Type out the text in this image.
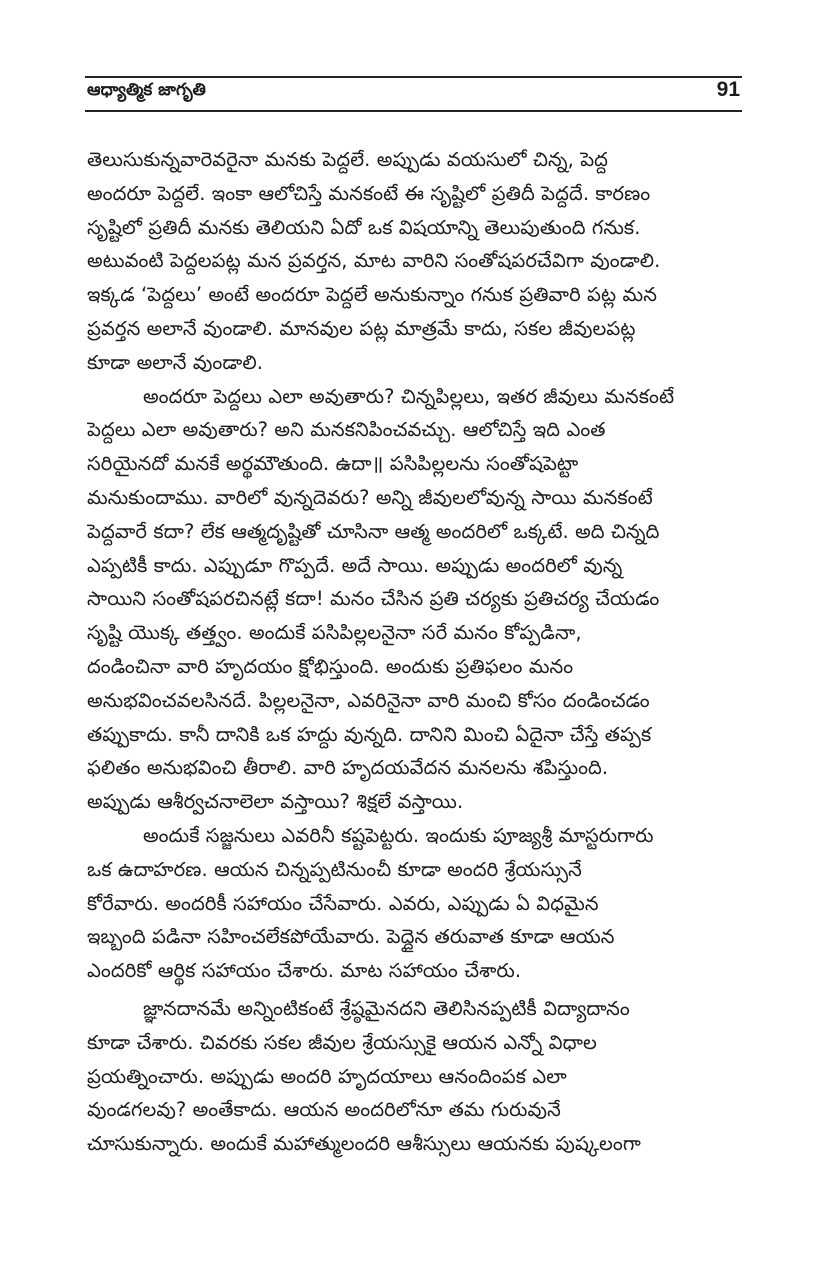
ఆధ్యాత్మిక జాగృతి	91
తెలుసుకున్నవారెవరైనా మనకు పెద్దలే. అప్పుడు వయసులో చిన్న, పెద్ద
అందరూ పెద్దలే. ఇంకా ఆలోచిస్తే మనకంటే ఈ సృష్టిలో ప్రతిదీ పెద్దదే. కారణం
సృష్టిలో ప్రతిదీ మనకు తెలియని ఏదో ఒక విషయాన్ని తెలుపుతుంది గనుక.
అటువంటి పెద్దలపట్ల మన ప్రవర్తన, మాట వారిని సంతోషపరచేవిగా వుండాలి.
ఇక్కడ ‘పెద్దలు’ అంటే అందరూ పెద్దలే అనుకున్నాం గనుక ప్రతివారి పట్ల మన
ప్రవర్తన అలానే వుండాలి. మానవుల పట్ల మాత్రమే కాదు, సకల జీవులపట్ల
కూడా అలానే వుండాలి.
అందరూ పెద్దలు ఎలా అవుతారు? చిన్నపిల్లలు, ఇతర జీవులు మనకంటే
పెద్దలు ఎలా అవుతారు? అని మనకనిపించవచ్చు. ఆలోచిస్తే ఇది ఎంత
సరియైనదో మనకే అర్థమౌతుంది. ఉదా॥ పసిపిల్లలను సంతోషపెట్టా
మనుకుందాము. వారిలో వున్నదెవరు? అన్ని జీవులలోవున్న సాయి మనకంటే
పెద్దవారే కదా? లేక ఆత్మదృష్టితో చూసినా ఆత్మ అందరిలో ఒక్కటే. అది చిన్నది
ఎప్పటికీ కాదు. ఎప్పుడూ గొప్పదే. అదే సాయి. అప్పుడు అందరిలో వున్న
సాయిని సంతోషపరచినట్లే కదా! మనం చేసిన ప్రతి చర్యకు ప్రతిచర్య చేయడం
సృష్టి యొక్క తత్త్వం. అందుకే పసిపిల్లలనైనా సరే మనం కోప్పడినా,
దండించినా వారి హృదయం క్షోభిస్తుంది. అందుకు ప్రతిఫలం మనం
అనుభవించవలసినదే. పిల్లలనైనా, ఎవరినైనా వారి మంచి కోసం దండించడం
తప్పుకాదు. కానీ దానికి ఒక హద్దు వున్నది. దానిని మించి ఏదైనా చేస్తే తప్పక
ఫలితం అనుభవించి తీరాలి. వారి హృదయవేదన మనలను శపిస్తుంది.
అప్పుడు ఆశీర్వచనాలెలా వస్తాయి? శిక్షలే వస్తాయి.
అందుకే సజ్జనులు ఎవరినీ కష్టపెట్టరు. ఇందుకు పూజ్యశ్రీ మాస్టరుగారు
ఒక ఉదాహరణ. ఆయన చిన్నప్పటినుంచీ కూడా అందరి శ్రేయస్సునే
కోరేవారు. అందరికీ సహాయం చేసేవారు. ఎవరు, ఎప్పుడు ఏ విధమైన
ఇబ్బంది పడినా సహించలేకపోయేవారు. పెద్దైన తరువాత కూడా ఆయన
ఎందరికో ఆర్థిక సహాయం చేశారు. మాట సహాయం చేశారు.
జ్ఞానదానమే అన్నింటికంటే శ్రేష్ఠమైనదని తెలిసినప్పటికీ విద్యాదానం
కూడా చేశారు. చివరకు సకల జీవుల శ్రేయస్సుకై ఆయన ఎన్నో విధాల
ప్రయత్నించారు. అప్పుడు అందరి హృదయాలు ఆనందింపక ఎలా
వుండగలవు? అంతేకాదు. ఆయన అందరిలోనూ తమ గురువునే
చూసుకున్నారు. అందుకే మహాత్ములందరి ఆశీస్సులు ఆయనకు పుష్కలంగా
